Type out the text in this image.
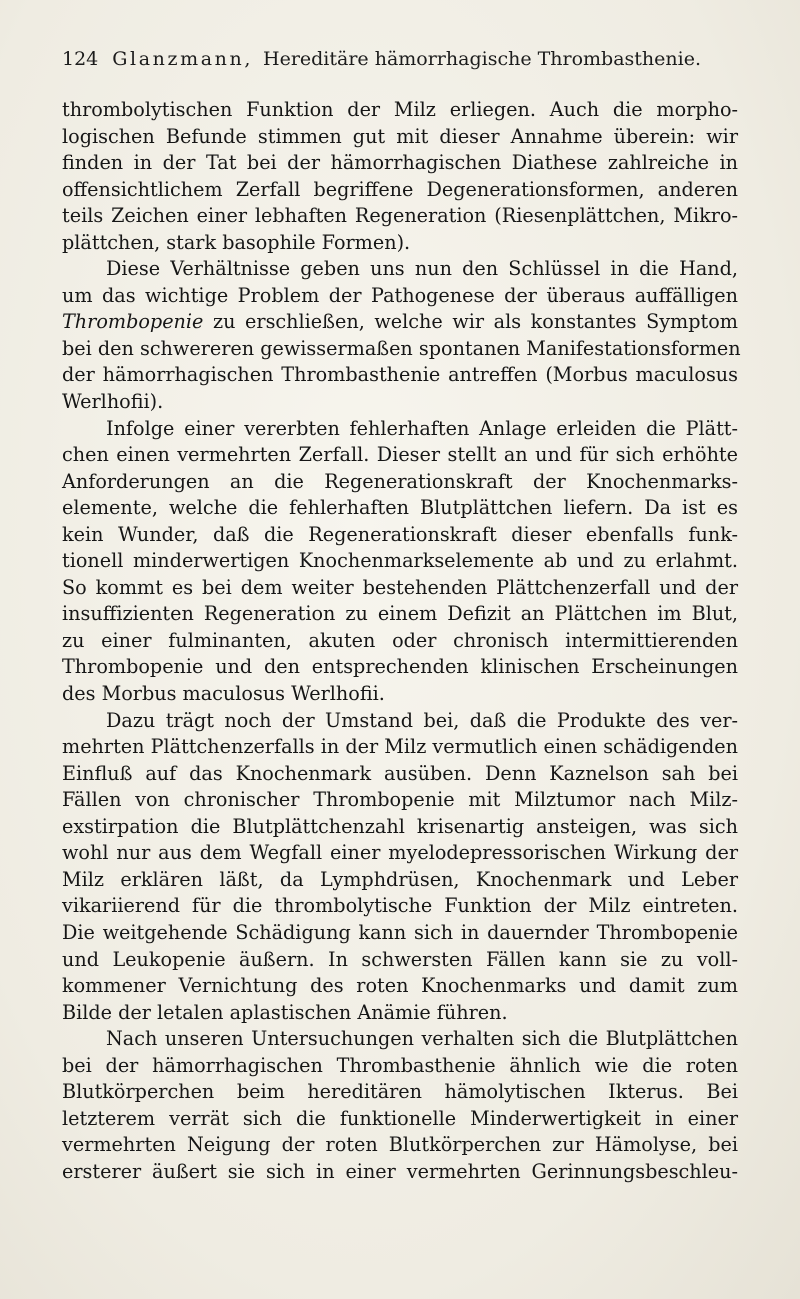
124 Glanzmann, Hereditäre hämorrhagische Thrombasthenie.
thrombolytischen Funktion der Milz erliegen. Auch die morpho-
logischen Befunde stimmen gut mit dieser Annahme überein: wir
finden in der Tat bei der hämorrhagischen Diathese zahlreiche in
offensichtlichem Zerfall begriffene Degenerationsformen, anderen
teils Zeichen einer lebhaften Regeneration (Riesenplättchen, Mikro-
plättchen, stark basophile Formen).
Diese Verhältnisse geben uns nun den Schlüssel in die Hand,
um das wichtige Problem der Pathogenese der überaus auffälligen
Thrombopenie zu erschließen, welche wir als konstantes Symptom
bei den schwereren gewissermaßen spontanen Manifestationsformen
der hämorrhagischen Thrombasthenie antreffen (Morbus maculosus
Werlhofii).
Infolge einer vererbten fehlerhaften Anlage erleiden die Plätt-
chen einen vermehrten Zerfall. Dieser stellt an und für sich erhöhte
Anforderungen an die Regenerationskraft der Knochenmarks-
elemente, welche die fehlerhaften Blutplättchen liefern. Da ist es
kein Wunder, daß die Regenerationskraft dieser ebenfalls funk-
tionell minderwertigen Knochenmarkselemente ab und zu erlahmt.
So kommt es bei dem weiter bestehenden Plättchenzerfall und der
insuffizienten Regeneration zu einem Defizit an Plättchen im Blut,
zu einer fulminanten, akuten oder chronisch intermittierenden
Thrombopenie und den entsprechenden klinischen Erscheinungen
des Morbus maculosus Werlhofii.
Dazu trägt noch der Umstand bei, daß die Produkte des ver-
mehrten Plättchenzerfalls in der Milz vermutlich einen schädigenden
Einfluß auf das Knochenmark ausüben. Denn Kaznelson sah bei
Fällen von chronischer Thrombopenie mit Milztumor nach Milz-
exstirpation die Blutplättchenzahl krisenartig ansteigen, was sich
wohl nur aus dem Wegfall einer myelodepressorischen Wirkung der
Milz erklären läßt, da Lymphdrüsen, Knochenmark und Leber
vikariierend für die thrombolytische Funktion der Milz eintreten.
Die weitgehende Schädigung kann sich in dauernder Thrombopenie
und Leukopenie äußern. In schwersten Fällen kann sie zu voll-
kommener Vernichtung des roten Knochenmarks und damit zum
Bilde der letalen aplastischen Anämie führen.
Nach unseren Untersuchungen verhalten sich die Blutplättchen
bei der hämorrhagischen Thrombasthenie ähnlich wie die roten
Blutkörperchen beim hereditären hämolytischen Ikterus. Bei
letzterem verrät sich die funktionelle Minderwertigkeit in einer
vermehrten Neigung der roten Blutkörperchen zur Hämolyse, bei
ersterer äußert sie sich in einer vermehrten Gerinnungsbeschleu-
